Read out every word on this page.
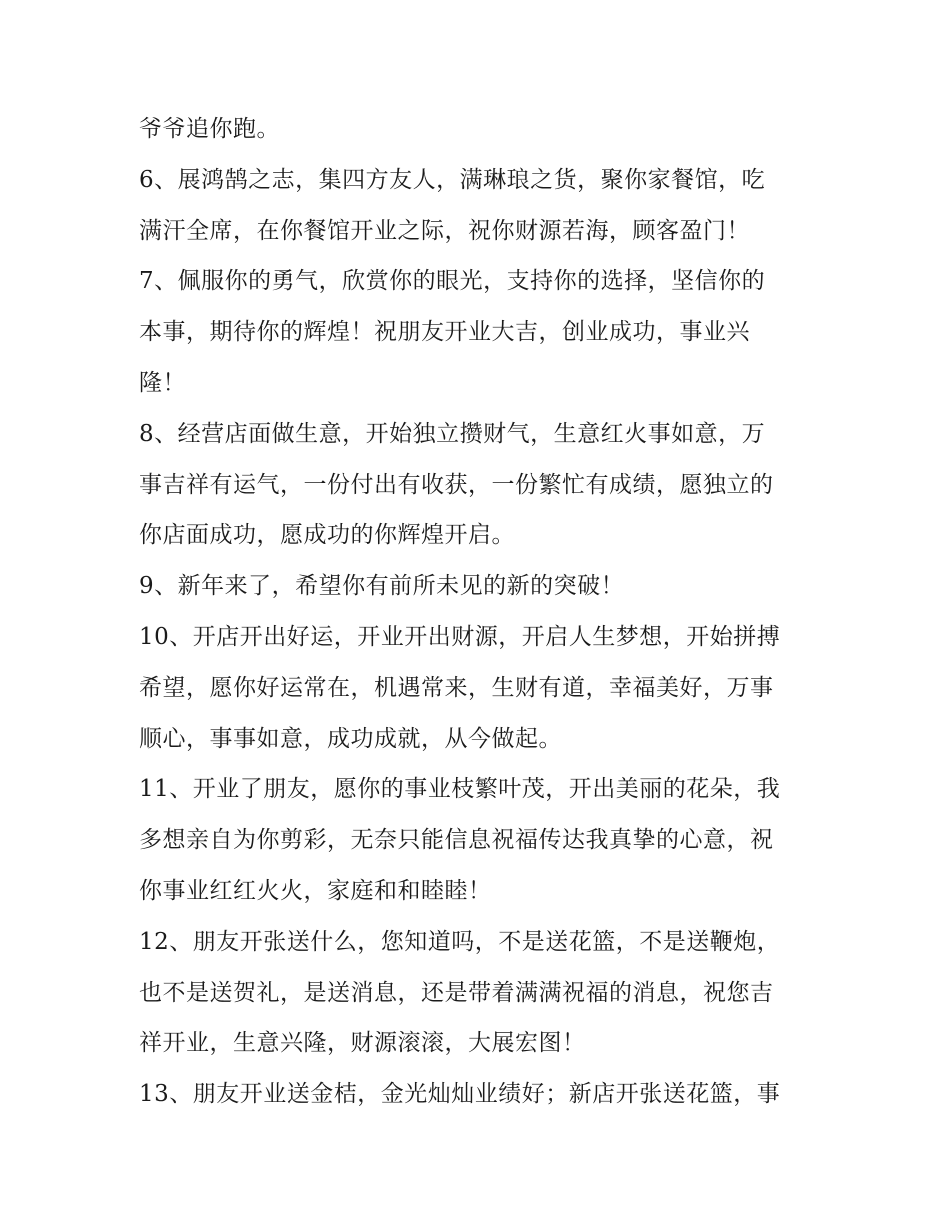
爷爷追你跑。

6、展鸿鹄之志，集四方友人，满琳琅之货，聚你家餐馆，吃
满汗全席，在你餐馆开业之际，祝你财源若海，顾客盈门！

7、佩服你的勇气，欣赏你的眼光，支持你的选择，坚信你的
本事，期待你的辉煌！祝朋友开业大吉，创业成功，事业兴
隆！

8、经营店面做生意，开始独立攒财气，生意红火事如意，万
事吉祥有运气，一份付出有收获，一份繁忙有成绩，愿独立的
你店面成功，愿成功的你辉煌开启。

9、新年来了，希望你有前所未见的新的突破！

10、开店开出好运，开业开出财源，开启人生梦想，开始拼搏
希望，愿你好运常在，机遇常来，生财有道，幸福美好，万事
顺心，事事如意，成功成就，从今做起。

11、开业了朋友，愿你的事业枝繁叶茂，开出美丽的花朵，我
多想亲自为你剪彩，无奈只能信息祝福传达我真挚的心意，祝
你事业红红火火，家庭和和睦睦！

12、朋友开张送什么，您知道吗，不是送花篮，不是送鞭炮，
也不是送贺礼，是送消息，还是带着满满祝福的消息，祝您吉
祥开业，生意兴隆，财源滚滚，大展宏图！

13、朋友开业送金桔，金光灿灿业绩好；新店开张送花篮，事
